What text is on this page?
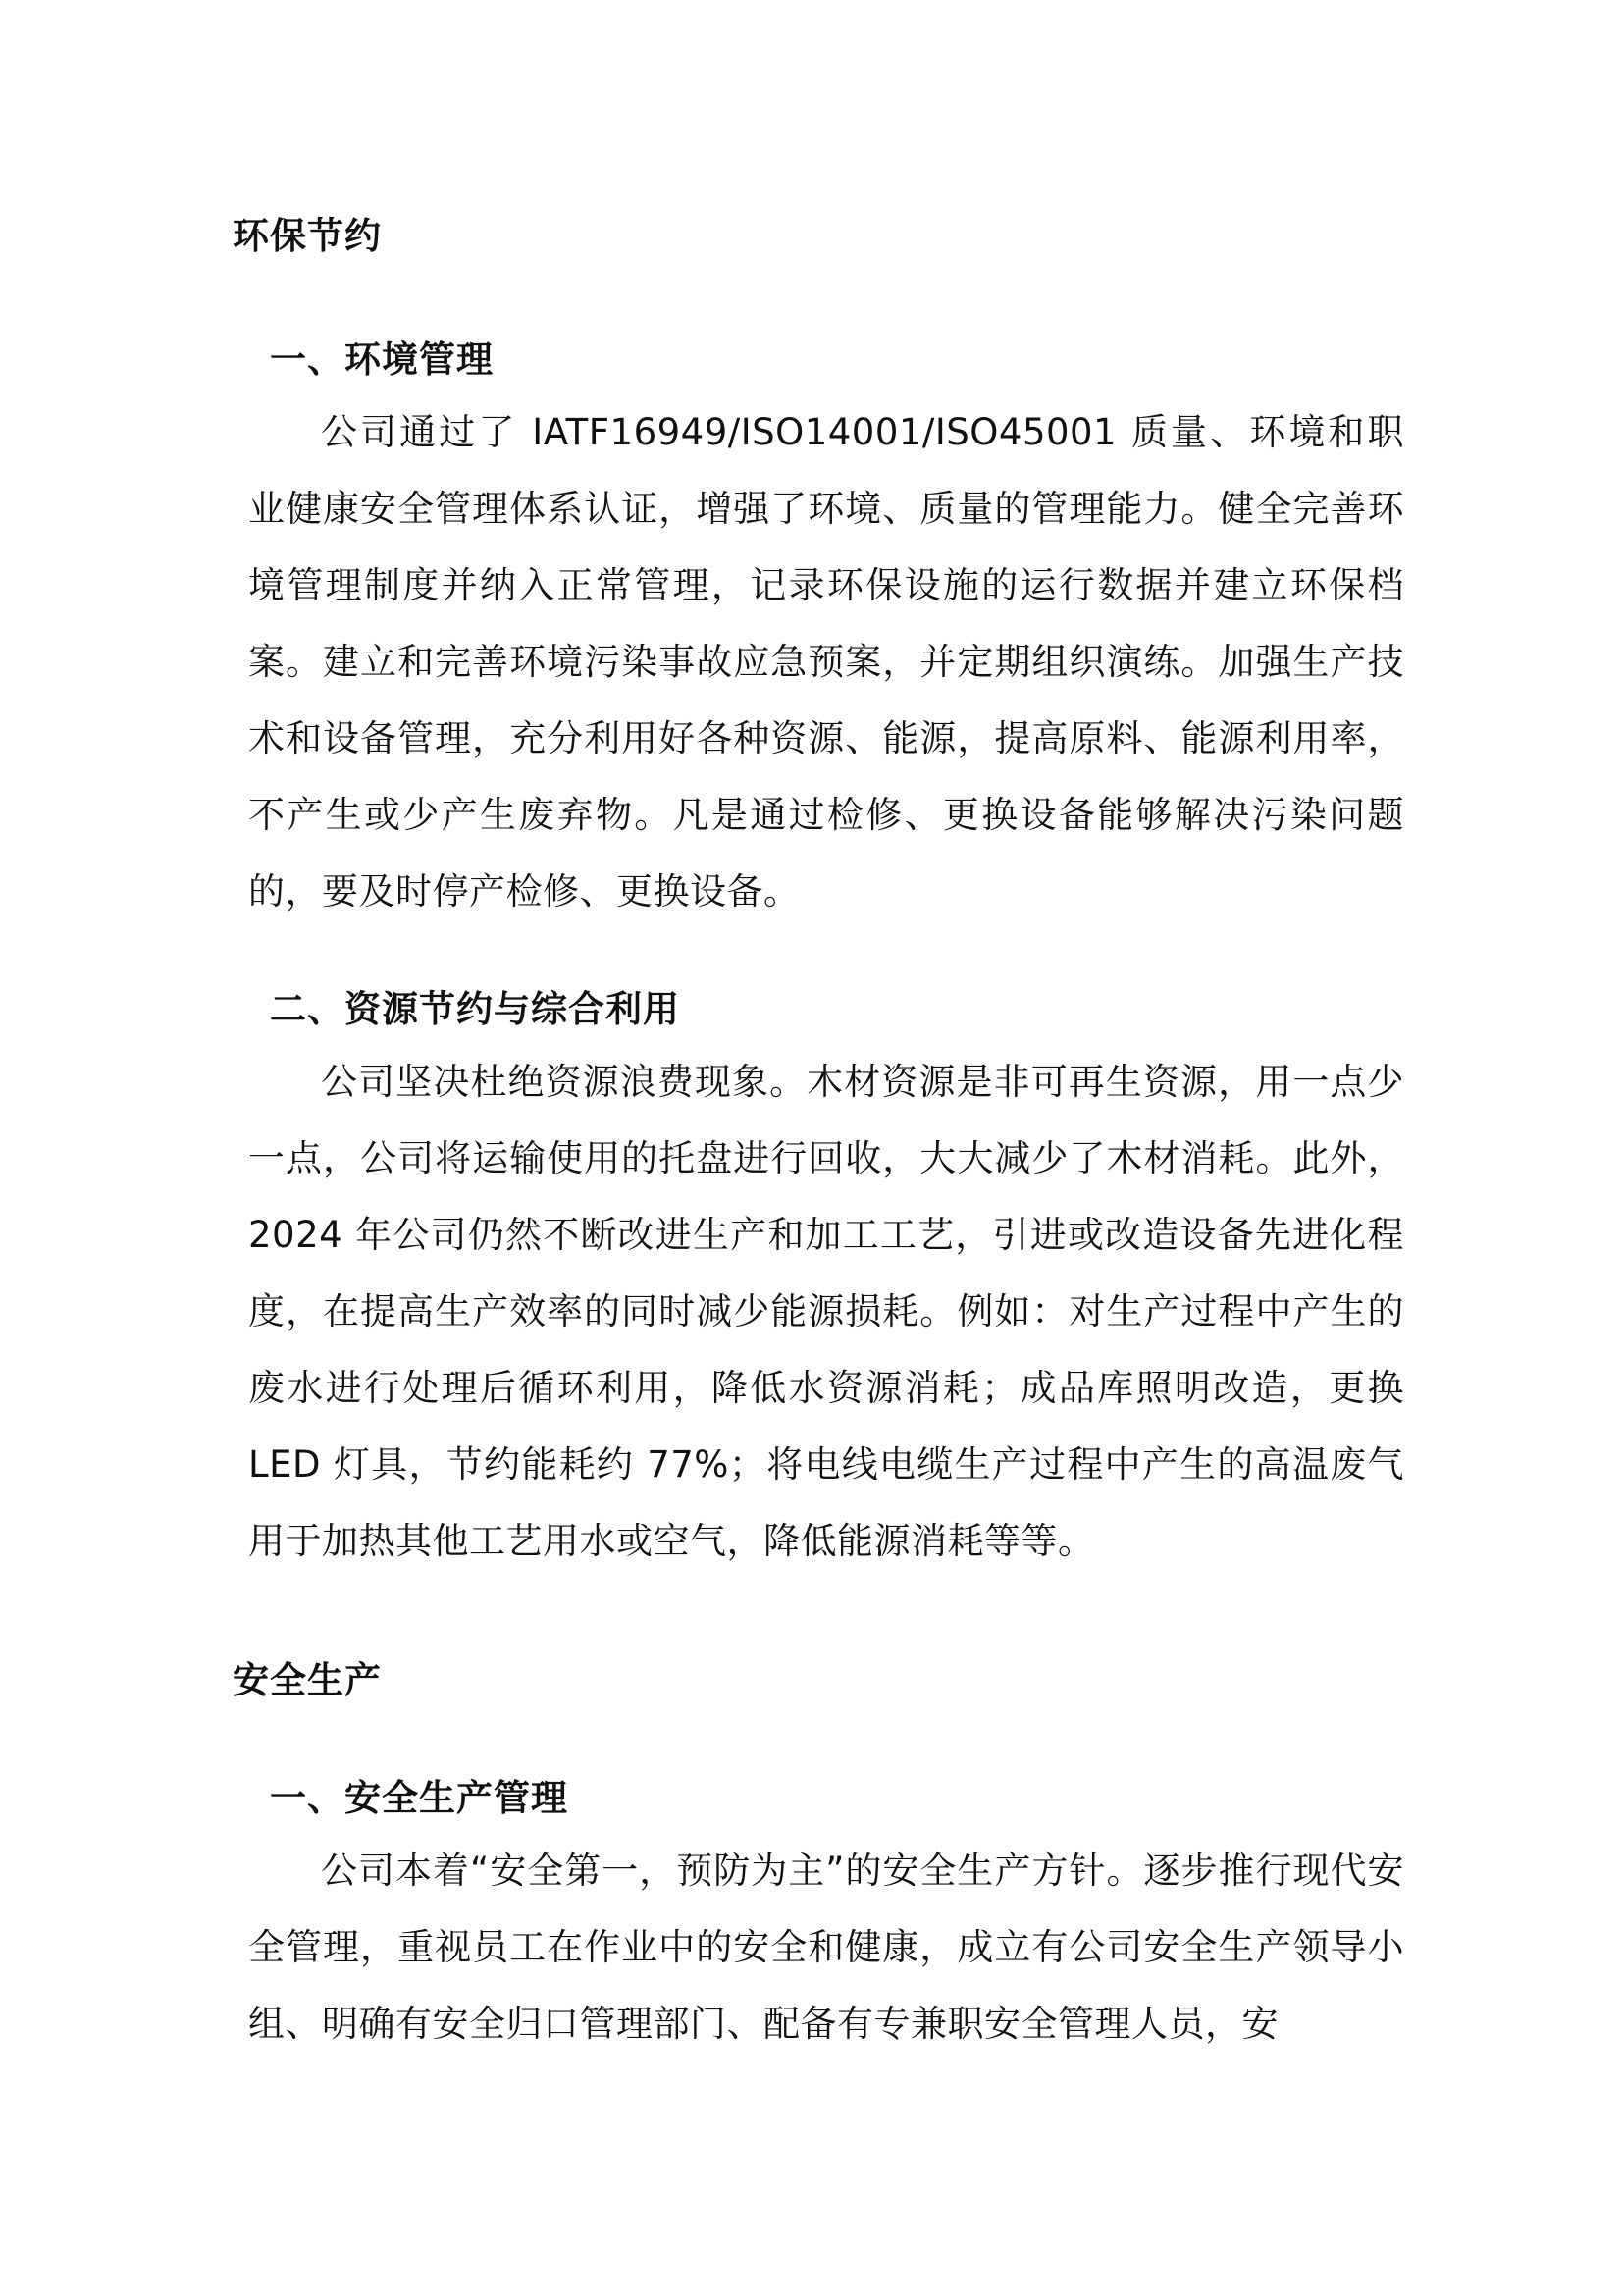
环保节约
一、环境管理

公司通过了 IATF16949/ISO14001/ISO45001 质量、环境和职业健康安全管理体系认证，增强了环境、质量的管理能力。健全完善环境管理制度并纳入正常管理，记录环保设施的运行数据并建立环保档案。建立和完善环境污染事故应急预案，并定期组织演练。加强生产技术和设备管理，充分利用好各种资源、能源，提高原料、能源利用率，不产生或少产生废弃物。凡是通过检修、更换设备能够解决污染问题的，要及时停产检修、更换设备。

二、资源节约与综合利用

公司坚决杜绝资源浪费现象。木材资源是非可再生资源，用一点少一点，公司将运输使用的托盘进行回收，大大减少了木材消耗。此外，2024 年公司仍然不断改进生产和加工工艺，引进或改造设备先进化程度，在提高生产效率的同时减少能源损耗。例如：对生产过程中产生的废水进行处理后循环利用，降低水资源消耗；成品库照明改造，更换 LED 灯具，节约能耗约 77%；将电线电缆生产过程中产生的高温废气用于加热其他工艺用水或空气，降低能源消耗等等。

安全生产
一、安全生产管理

公司本着“安全第一，预防为主”的安全生产方针。逐步推行现代安全管理，重视员工在作业中的安全和健康，成立有公司安全生产领导小组、明确有安全归口管理部门、配备有专兼职安全管理人员，安
